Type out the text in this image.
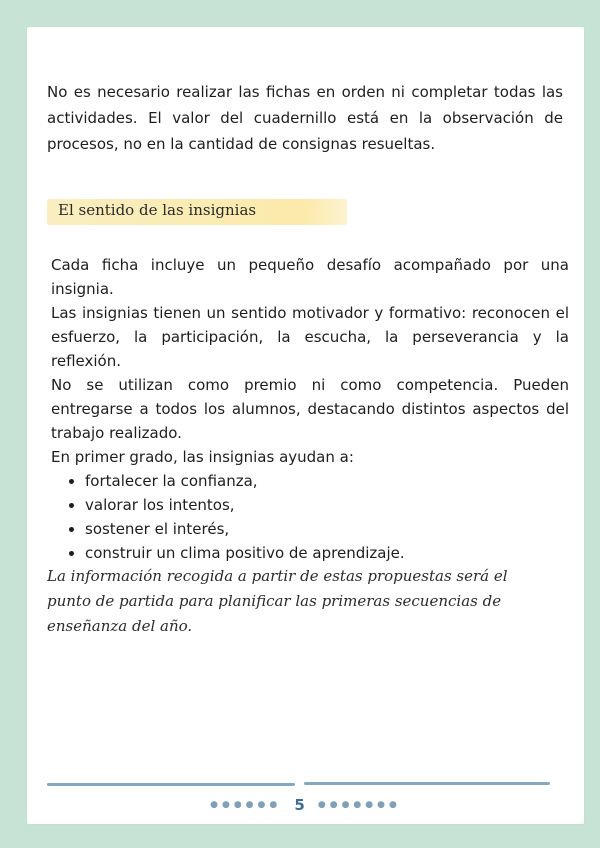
No es necesario realizar las fichas en orden ni completar todas las actividades. El valor del cuadernillo está en la observación de procesos, no en la cantidad de consignas resueltas.

El sentido de las insignias

Cada ficha incluye un pequeño desafío acompañado por una insignia.

Las insignias tienen un sentido motivador y formativo: reconocen el esfuerzo, la participación, la escucha, la perseverancia y la reflexión.

No se utilizan como premio ni como competencia. Pueden entregarse a todos los alumnos, destacando distintos aspectos del trabajo realizado.

En primer grado, las insignias ayudan a:

• fortalecer la confianza,
• valorar los intentos,
• sostener el interés,
• construir un clima positivo de aprendizaje.

La información recogida a partir de estas propuestas será el punto de partida para planificar las primeras secuencias de enseñanza del año.

●●●●●● 5 ●●●●●●●
